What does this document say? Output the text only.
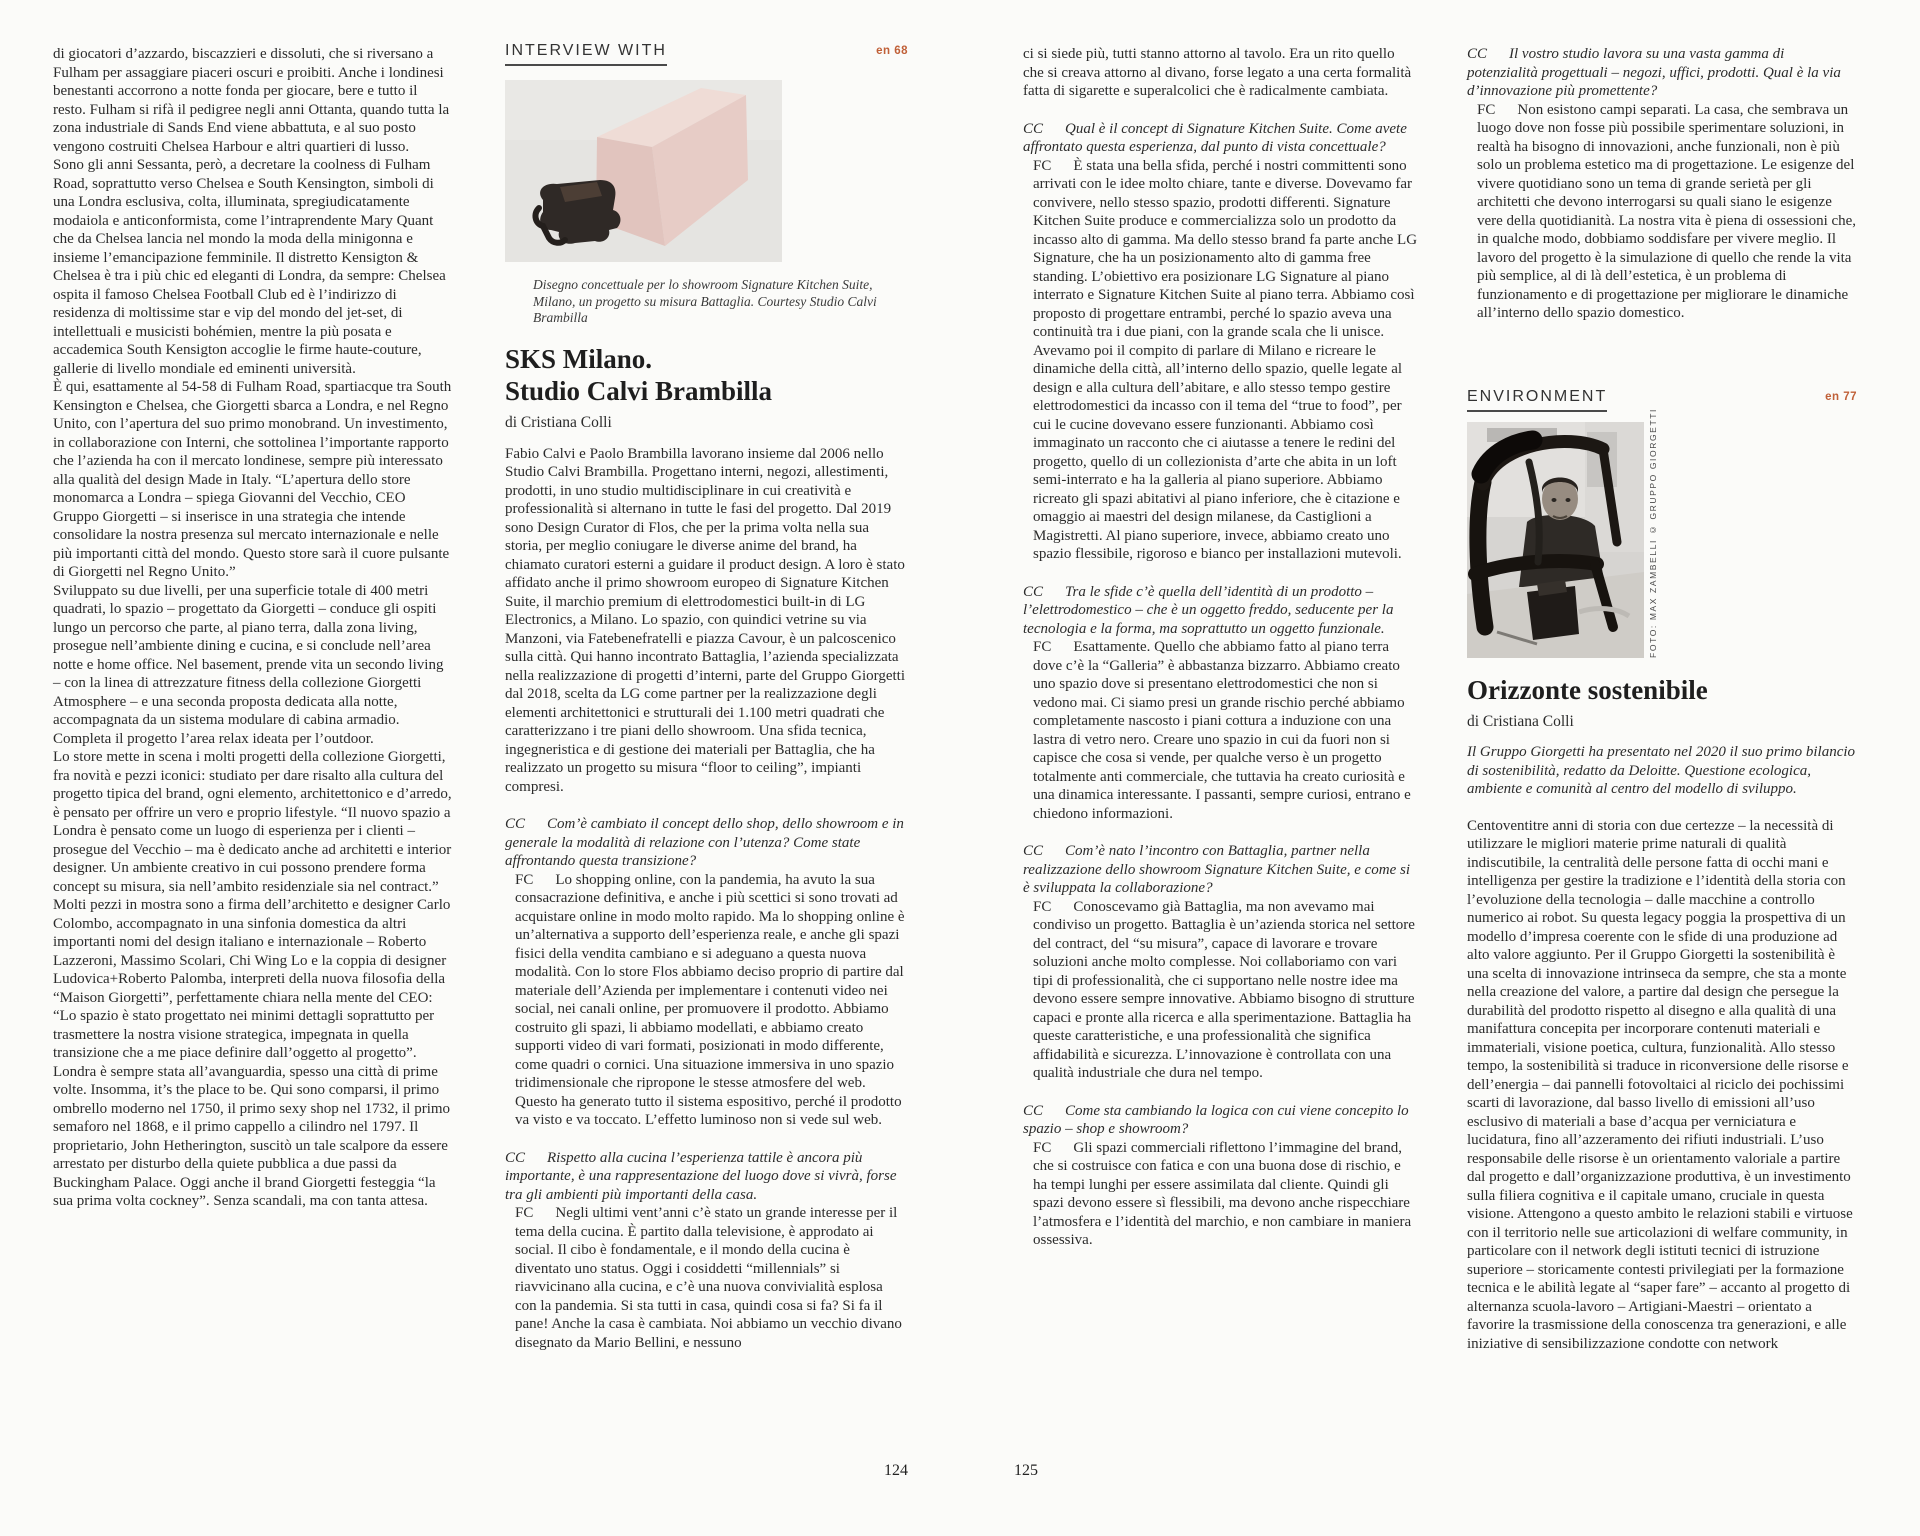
di giocatori d’azzardo, biscazzieri e dissoluti, che si riversano a Fulham per assaggiare piaceri oscuri e proibiti. Anche i londinesi benestanti accorrono a notte fonda per giocare, bere e tutto il resto. Fulham si rifà il pedigree negli anni Ottanta, quando tutta la zona industriale di Sands End viene abbattuta, e al suo posto vengono costruiti Chelsea Harbour e altri quartieri di lusso.

Sono gli anni Sessanta, però, a decretare la coolness di Fulham Road, soprattutto verso Chelsea e South Kensington, simboli di una Londra esclusiva, colta, illuminata, spregiudicatamente modaiola e anticonformista, come l’intraprendente Mary Quant che da Chelsea lancia nel mondo la moda della minigonna e insieme l’emancipazione femminile. Il distretto Kensigton & Chelsea è tra i più chic ed eleganti di Londra, da sempre: Chelsea ospita il famoso Chelsea Football Club ed è l’indirizzo di residenza di moltissime star e vip del mondo del jet-set, di intellettuali e musicisti bohémien, mentre la più posata e accademica South Kensigton accoglie le firme haute-couture, gallerie di livello mondiale ed eminenti università.

È qui, esattamente al 54-58 di Fulham Road, spartiacque tra South Kensington e Chelsea, che Giorgetti sbarca a Londra, e nel Regno Unito, con l’apertura del suo primo monobrand. Un investimento, in collaborazione con Interni, che sottolinea l’importante rapporto che l’azienda ha con il mercato londinese, sempre più interessato alla qualità del design Made in Italy. “L’apertura dello store monomarca a Londra – spiega Giovanni del Vecchio, CEO Gruppo Giorgetti – si inserisce in una strategia che intende consolidare la nostra presenza sul mercato internazionale e nelle più importanti città del mondo. Questo store sarà il cuore pulsante di Giorgetti nel Regno Unito.”

Sviluppato su due livelli, per una superficie totale di 400 metri quadrati, lo spazio – progettato da Giorgetti – conduce gli ospiti lungo un percorso che parte, al piano terra, dalla zona living, prosegue nell’ambiente dining e cucina, e si conclude nell’area notte e home office. Nel basement, prende vita un secondo living – con la linea di attrezzature fitness della collezione Giorgetti Atmosphere – e una seconda proposta dedicata alla notte, accompagnata da un sistema modulare di cabina armadio. Completa il progetto l’area relax ideata per l’outdoor.

Lo store mette in scena i molti progetti della collezione Giorgetti, fra novità e pezzi iconici: studiato per dare risalto alla cultura del progetto tipica del brand, ogni elemento, architettonico e d’arredo, è pensato per offrire un vero e proprio lifestyle. “Il nuovo spazio a Londra è pensato come un luogo di esperienza per i clienti – prosegue del Vecchio – ma è dedicato anche ad architetti e interior designer. Un ambiente creativo in cui possono prendere forma concept su misura, sia nell’ambito residenziale sia nel contract.”

Molti pezzi in mostra sono a firma dell’architetto e designer Carlo Colombo, accompagnato in una sinfonia domestica da altri importanti nomi del design italiano e internazionale – Roberto Lazzeroni, Massimo Scolari, Chi Wing Lo e la coppia di designer Ludovica+Roberto Palomba, interpreti della nuova filosofia della “Maison Giorgetti”, perfettamente chiara nella mente del CEO: “Lo spazio è stato progettato nei minimi dettagli soprattutto per trasmettere la nostra visione strategica, impegnata in quella transizione che a me piace definire dall’oggetto al progetto”.

Londra è sempre stata all’avanguardia, spesso una città di prime volte. Insomma, it’s the place to be. Qui sono comparsi, il primo ombrello moderno nel 1750, il primo sexy shop nel 1732, il primo semaforo nel 1868, e il primo cappello a cilindro nel 1797. Il proprietario, John Hetherington, suscitò un tale scalpore da essere arrestato per disturbo della quiete pubblica a due passi da Buckingham Palace. Oggi anche il brand Giorgetti festeggia “la sua prima volta cockney”. Senza scandali, ma con tanta attesa.

INTERVIEW WITH	en 68

Disegno concettuale per lo showroom Signature Kitchen Suite, Milano, un progetto su misura Battaglia. Courtesy Studio Calvi Brambilla

SKS Milano.
Studio Calvi Brambilla

di Cristiana Colli

Fabio Calvi e Paolo Brambilla lavorano insieme dal 2006 nello Studio Calvi Brambilla. Progettano interni, negozi, allestimenti, prodotti, in uno studio multidisciplinare in cui creatività e professionalità si alternano in tutte le fasi del progetto. Dal 2019 sono Design Curator di Flos, che per la prima volta nella sua storia, per meglio coniugare le diverse anime del brand, ha chiamato curatori esterni a guidare il product design. A loro è stato affidato anche il primo showroom europeo di Signature Kitchen Suite, il marchio premium di elettrodomestici built-in di LG Electronics, a Milano. Lo spazio, con quindici vetrine su via Manzoni, via Fatebenefratelli e piazza Cavour, è un palcoscenico sulla città. Qui hanno incontrato Battaglia, l’azienda specializzata nella realizzazione di progetti d’interni, parte del Gruppo Giorgetti dal 2018, scelta da LG come partner per la realizzazione degli elementi architettonici e strutturali dei 1.100 metri quadrati che caratterizzano i tre piani dello showroom. Una sfida tecnica, ingegneristica e di gestione dei materiali per Battaglia, che ha realizzato un progetto su misura “floor to ceiling”, impianti compresi.

CC Com’è cambiato il concept dello shop, dello showroom e in generale la modalità di relazione con l’utenza? Come state affrontando questa transizione?

FC Lo shopping online, con la pandemia, ha avuto la sua consacrazione definitiva, e anche i più scettici si sono trovati ad acquistare online in modo molto rapido. Ma lo shopping online è un’alternativa a supporto dell’esperienza reale, e anche gli spazi fisici della vendita cambiano e si adeguano a questa nuova modalità. Con lo store Flos abbiamo deciso proprio di partire dal materiale dell’Azienda per implementare i contenuti video nei social, nei canali online, per promuovere il prodotto. Abbiamo costruito gli spazi, li abbiamo modellati, e abbiamo creato supporti video di vari formati, posizionati in modo differente, come quadri o cornici. Una situazione immersiva in uno spazio tridimensionale che ripropone le stesse atmosfere del web. Questo ha generato tutto il sistema espositivo, perché il prodotto va visto e va toccato. L’effetto luminoso non si vede sul web.

CC Rispetto alla cucina l’esperienza tattile è ancora più importante, è una rappresentazione del luogo dove si vivrà, forse tra gli ambienti più importanti della casa.

FC Negli ultimi vent’anni c’è stato un grande interesse per il tema della cucina. È partito dalla televisione, è approdato ai social. Il cibo è fondamentale, e il mondo della cucina è diventato uno status. Oggi i cosiddetti “millennials” si riavvicinano alla cucina, e c’è una nuova convivialità esplosa con la pandemia. Si sta tutti in casa, quindi cosa si fa? Si fa il pane! Anche la casa è cambiata. Noi abbiamo un vecchio divano disegnato da Mario Bellini, e nessuno

ci si siede più, tutti stanno attorno al tavolo. Era un rito quello che si creava attorno al divano, forse legato a una certa formalità fatta di sigarette e superalcolici che è radicalmente cambiata.

CC Qual è il concept di Signature Kitchen Suite. Come avete affrontato questa esperienza, dal punto di vista concettuale?

FC È stata una bella sfida, perché i nostri committenti sono arrivati con le idee molto chiare, tante e diverse. Dovevamo far convivere, nello stesso spazio, prodotti differenti. Signature Kitchen Suite produce e commercializza solo un prodotto da incasso alto di gamma. Ma dello stesso brand fa parte anche LG Signature, che ha un posizionamento alto di gamma free standing. L’obiettivo era posizionare LG Signature al piano interrato e Signature Kitchen Suite al piano terra. Abbiamo così proposto di progettare entrambi, perché lo spazio aveva una continuità tra i due piani, con la grande scala che li unisce. Avevamo poi il compito di parlare di Milano e ricreare le dinamiche della città, all’interno dello spazio, quelle legate al design e alla cultura dell’abitare, e allo stesso tempo gestire elettrodomestici da incasso con il tema del “true to food”, per cui le cucine dovevano essere funzionanti. Abbiamo così immaginato un racconto che ci aiutasse a tenere le redini del progetto, quello di un collezionista d’arte che abita in un loft semi-interrato e ha la galleria al piano superiore. Abbiamo ricreato gli spazi abitativi al piano inferiore, che è citazione e omaggio ai maestri del design milanese, da Castiglioni a Magistretti. Al piano superiore, invece, abbiamo creato uno spazio flessibile, rigoroso e bianco per installazioni mutevoli.

CC Tra le sfide c’è quella dell’identità di un prodotto – l’elettrodomestico – che è un oggetto freddo, seducente per la tecnologia e la forma, ma soprattutto un oggetto funzionale.

FC Esattamente. Quello che abbiamo fatto al piano terra dove c’è la “Galleria” è abbastanza bizzarro. Abbiamo creato uno spazio dove si presentano elettrodomestici che non si vedono mai. Ci siamo presi un grande rischio perché abbiamo completamente nascosto i piani cottura a induzione con una lastra di vetro nero. Creare uno spazio in cui da fuori non si capisce che cosa si vende, per qualche verso è un progetto totalmente anti commerciale, che tuttavia ha creato curiosità e una dinamica interessante. I passanti, sempre curiosi, entrano e chiedono informazioni.

CC Com’è nato l’incontro con Battaglia, partner nella realizzazione dello showroom Signature Kitchen Suite, e come si è sviluppata la collaborazione?

FC Conoscevamo già Battaglia, ma non avevamo mai condiviso un progetto. Battaglia è un’azienda storica nel settore del contract, del “su misura”, capace di lavorare e trovare soluzioni anche molto complesse. Noi collaboriamo con vari tipi di professionalità, che ci supportano nelle nostre idee ma devono essere sempre innovative. Abbiamo bisogno di strutture capaci e pronte alla ricerca e alla sperimentazione. Battaglia ha queste caratteristiche, e una professionalità che significa affidabilità e sicurezza. L’innovazione è controllata con una qualità industriale che dura nel tempo.

CC Come sta cambiando la logica con cui viene concepito lo spazio – shop e showroom?

FC Gli spazi commerciali riflettono l’immagine del brand, che si costruisce con fatica e con una buona dose di rischio, e ha tempi lunghi per essere assimilata dal cliente. Quindi gli spazi devono essere sì flessibili, ma devono anche rispecchiare l’atmosfera e l’identità del marchio, e non cambiare in maniera ossessiva.

CC Il vostro studio lavora su una vasta gamma di potenzialità progettuali – negozi, uffici, prodotti. Qual è la via d’innovazione più promettente?

FC Non esistono campi separati. La casa, che sembrava un luogo dove non fosse più possibile sperimentare soluzioni, in realtà ha bisogno di innovazioni, anche funzionali, non è più solo un problema estetico ma di progettazione. Le esigenze del vivere quotidiano sono un tema di grande serietà per gli architetti che devono interrogarsi su quali siano le esigenze vere della quotidianità. La nostra vita è piena di ossessioni che, in qualche modo, dobbiamo soddisfare per vivere meglio. Il lavoro del progetto è la simulazione di quello che rende la vita più semplice, al di là dell’estetica, è un problema di funzionamento e di progettazione per migliorare le dinamiche all’interno dello spazio domestico.

ENVIRONMENT	en 77
FOTO: MAX ZAMBELLI © GRUPPO GIORGETTI
Orizzonte sostenibile

di Cristiana Colli

Il Gruppo Giorgetti ha presentato nel 2020 il suo primo bilancio di sostenibilità, redatto da Deloitte. Questione ecologica, ambiente e comunità al centro del modello di sviluppo.

Centoventitre anni di storia con due certezze – la necessità di utilizzare le migliori materie prime naturali di qualità indiscutibile, la centralità delle persone fatta di occhi mani e intelligenza per gestire la tradizione e l’identità della storia con l’evoluzione della tecnologia – dalle macchine a controllo numerico ai robot. Su questa legacy poggia la prospettiva di un modello d’impresa coerente con le sfide di una produzione ad alto valore aggiunto. Per il Gruppo Giorgetti la sostenibilità è una scelta di innovazione intrinseca da sempre, che sta a monte nella creazione del valore, a partire dal design che persegue la durabilità del prodotto rispetto al disegno e alla qualità di una manifattura concepita per incorporare contenuti materiali e immateriali, visione poetica, cultura, funzionalità. Allo stesso tempo, la sostenibilità si traduce in riconversione delle risorse e dell’energia – dai pannelli fotovoltaici al riciclo dei pochissimi scarti di lavorazione, dal basso livello di emissioni all’uso esclusivo di materiali a base d’acqua per verniciatura e lucidatura, fino all’azzeramento dei rifiuti industriali. L’uso responsabile delle risorse è un orientamento valoriale a partire dal progetto e dall’organizzazione produttiva, è un investimento sulla filiera cognitiva e il capitale umano, cruciale in questa visione. Attengono a questo ambito le relazioni stabili e virtuose con il territorio nelle sue articolazioni di welfare community, in particolare con il network degli istituti tecnici di istruzione superiore – storicamente contesti privilegiati per la formazione tecnica e le abilità legate al “saper fare” – accanto al progetto di alternanza scuola-lavoro – Artigiani-Maestri – orientato a favorire la trasmissione della conoscenza tra generazioni, e alle iniziative di sensibilizzazione condotte con network

124	125
